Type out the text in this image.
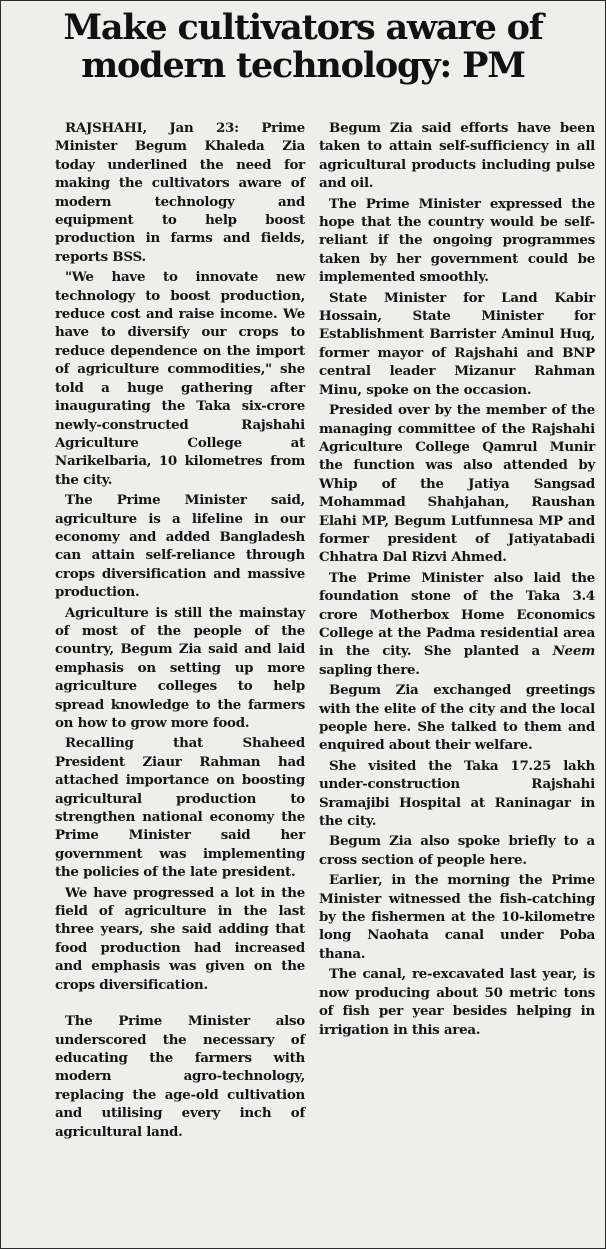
Make cultivators aware of
modern technology: PM

RAJSHAHI, Jan 23: Prime Minister Begum Khaleda Zia today underlined the need for making the cultivators aware of modern technology and equipment to help boost production in farms and fields, reports BSS.

"We have to innovate new technology to boost production, reduce cost and raise income. We have to diversify our crops to reduce dependence on the import of agriculture commodities," she told a huge gathering after inaugurating the Taka six-crore newly-constructed Rajshahi Agriculture College at Narikelbaria, 10 kilometres from the city.

The Prime Minister said, agriculture is a lifeline in our economy and added Bangladesh can attain self-reliance through crops diversification and massive production.

Agriculture is still the mainstay of most of the people of the country, Begum Zia said and laid emphasis on setting up more agriculture colleges to help spread knowledge to the farmers on how to grow more food.

Recalling that Shaheed President Ziaur Rahman had attached importance on boosting agricultural production to strengthen national economy the Prime Minister said her government was implementing the policies of the late president.

We have progressed a lot in the field of agriculture in the last three years, she said adding that food production had increased and emphasis was given on the crops diversification.

The Prime Minister also underscored the necessary of educating the farmers with modern agro-technology, replacing the age-old cultivation and utilising every inch of agricultural land.

Begum Zia said efforts have been taken to attain self-sufficiency in all agricultural products including pulse and oil.

The Prime Minister expressed the hope that the country would be self-reliant if the ongoing programmes taken by her government could be implemented smoothly.

State Minister for Land Kabir Hossain, State Minister for Establishment Barrister Aminul Huq, former mayor of Rajshahi and BNP central leader Mizanur Rahman Minu, spoke on the occasion.

Presided over by the member of the managing committee of the Rajshahi Agriculture College Qamrul Munir the function was also attended by Whip of the Jatiya Sangsad Mohammad Shahjahan, Raushan Elahi MP, Begum Lutfunnesa MP and former president of Jatiyatabadi Chhatra Dal Rizvi Ahmed.

The Prime Minister also laid the foundation stone of the Taka 3.4 crore Motherbox Home Economics College at the Padma residential area in the city. She planted a Neem sapling there.

Begum Zia exchanged greetings with the elite of the city and the local people here. She talked to them and enquired about their welfare.

She visited the Taka 17.25 lakh under-construction Rajshahi Sramajibi Hospital at Raninagar in the city.

Begum Zia also spoke briefly to a cross section of people here.

Earlier, in the morning the Prime Minister witnessed the fish-catching by the fishermen at the 10-kilometre long Naohata canal under Poba thana.

The canal, re-excavated last year, is now producing about 50 metric tons of fish per year besides helping in irrigation in this area.
